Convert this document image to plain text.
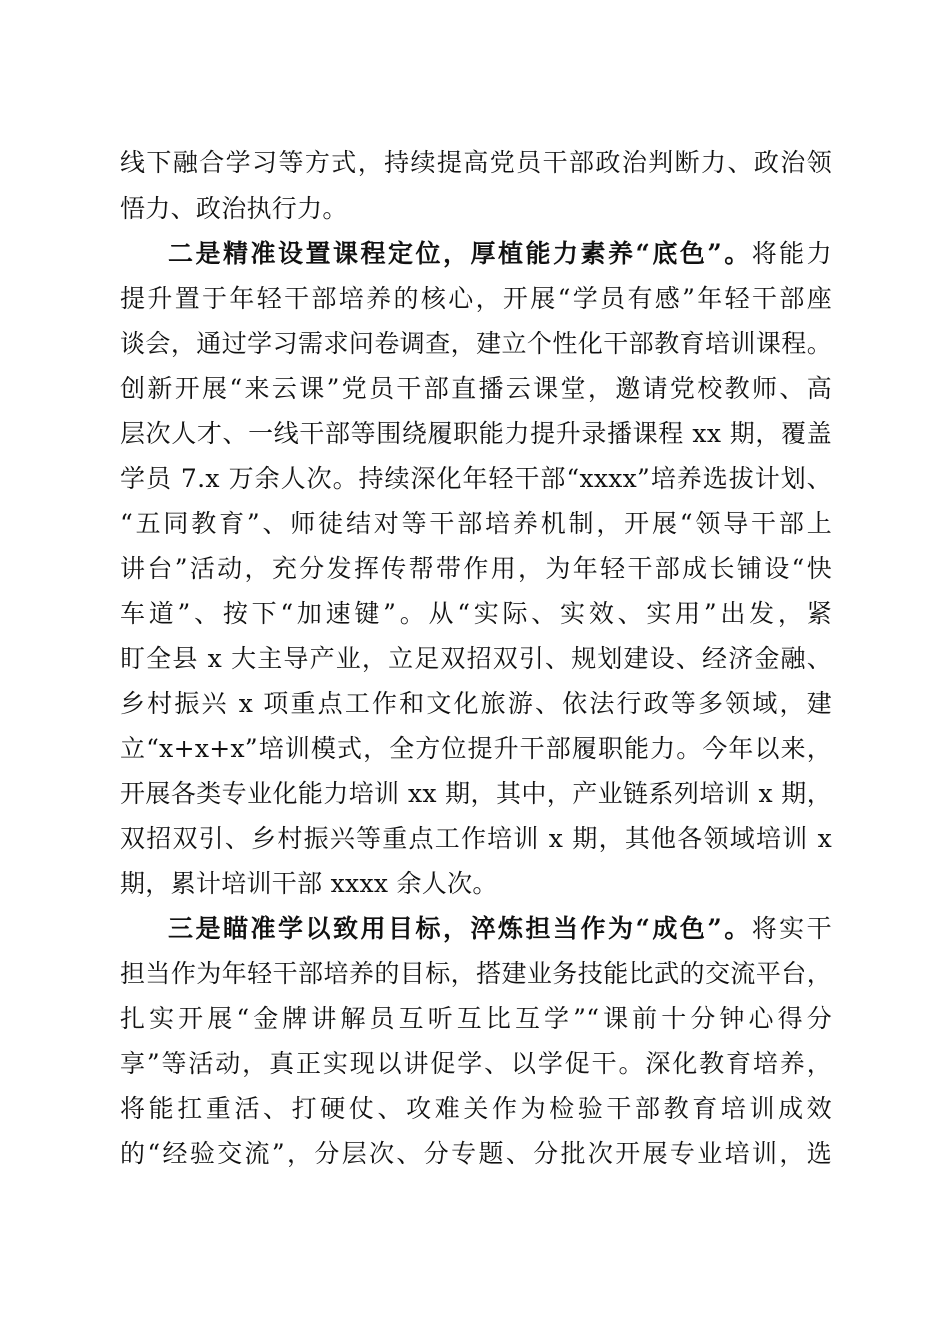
线下融合学习等方式，持续提高党员干部政治判断力、政治领
悟力、政治执行力。
二是精准设置课程定位，厚植能力素养“底色”。将能力
提升置于年轻干部培养的核心，开展“学员有感”年轻干部座
谈会，通过学习需求问卷调查，建立个性化干部教育培训课程。
创新开展“来云课”党员干部直播云课堂，邀请党校教师、高
层次人才、一线干部等围绕履职能力提升录播课程 xx 期，覆盖
学员 7.x 万余人次。持续深化年轻干部“xxxx”培养选拔计划、
“五同教育”、师徒结对等干部培养机制，开展“领导干部上
讲台”活动，充分发挥传帮带作用，为年轻干部成长铺设“快
车道”、按下“加速键”。从“实际、实效、实用”出发，紧
盯全县 x 大主导产业，立足双招双引、规划建设、经济金融、
乡村振兴 x 项重点工作和文化旅游、依法行政等多领域，建
立“x+x+x”培训模式，全方位提升干部履职能力。今年以来，
开展各类专业化能力培训 xx 期，其中，产业链系列培训 x 期，
双招双引、乡村振兴等重点工作培训 x 期，其他各领域培训 x
期，累计培训干部 xxxx 余人次。
三是瞄准学以致用目标，淬炼担当作为“成色”。将实干
担当作为年轻干部培养的目标，搭建业务技能比武的交流平台，
扎实开展“金牌讲解员互听互比互学”“课前十分钟心得分
享”等活动，真正实现以讲促学、以学促干。深化教育培养，
将能扛重活、打硬仗、攻难关作为检验干部教育培训成效
的“经验交流”，分层次、分专题、分批次开展专业培训，选
